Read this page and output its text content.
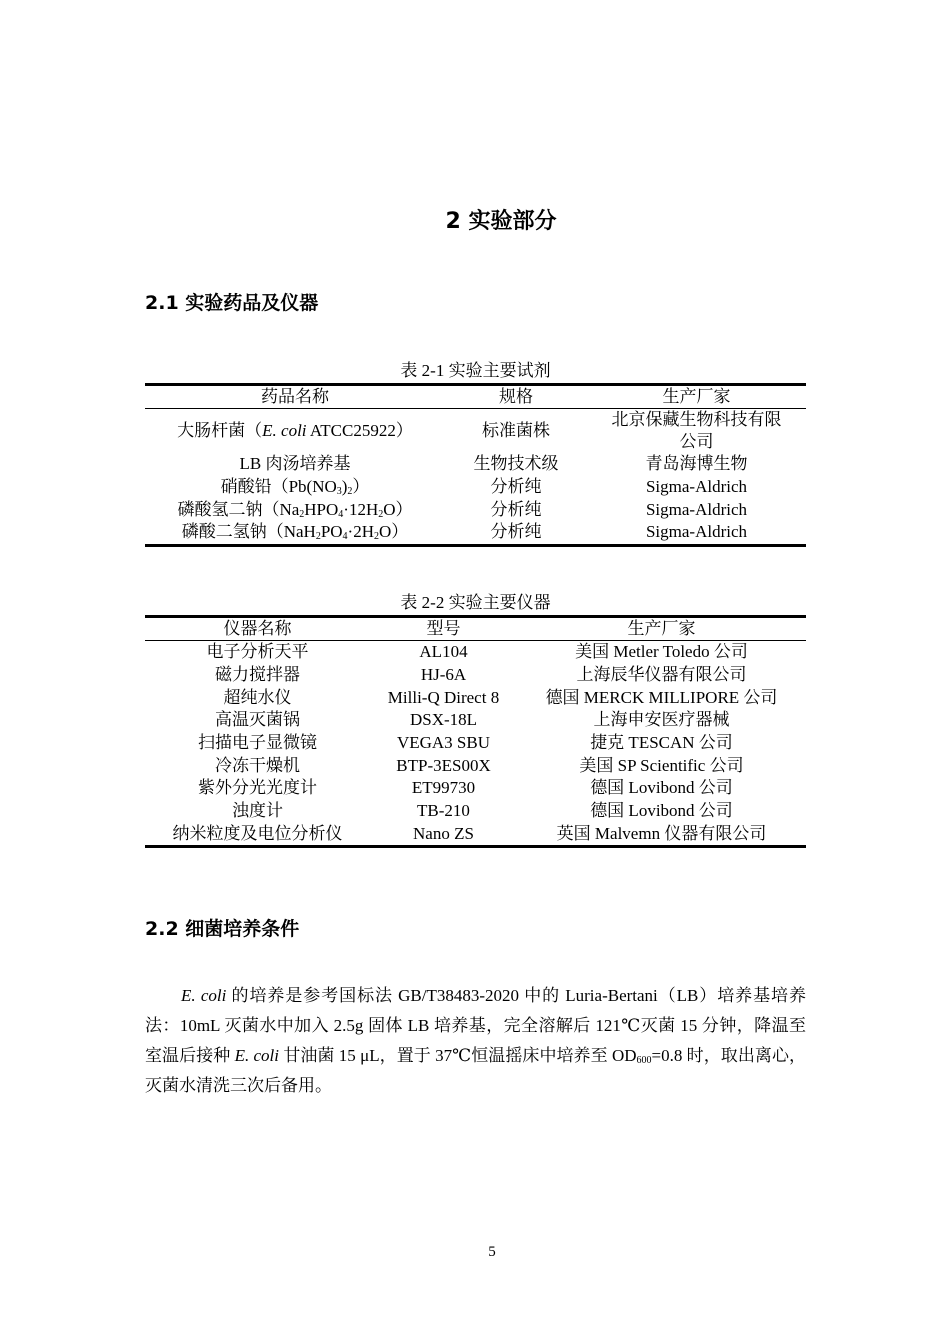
2 实验部分
2.1 实验药品及仪器
表 2-1 实验主要试剂
药品名称	规格	生产厂家
大肠杆菌（E. coli ATCC25922）	标准菌株	北京保藏生物科技有限
公司

LB 肉汤培养基	生物技术级	青岛海博生物
硝酸铅$(Pb(NO_3)_2)$	分析纯	Sigma-Aldrich
磷酸氢二钠$(Na_2HPO_4\cdot 12H_2O)$	分析纯	Sigma-Aldrich
磷酸二氢钠$(NaH_2PO_4\cdot 2H_2O)$	分析纯	Sigma-Aldrich
表 2-2 实验主要仪器
仪器名称	型号	生产厂家
电子分析天平	AL104	美国 Metler Toledo 公司
磁力搅拌器	HJ-6A	上海辰华仪器有限公司
超纯水仪	Milli-Q Direct 8	德国 MERCK MILLIPORE 公司
高温灭菌锅	DSX-18L	上海申安医疗器械
扫描电子显微镜	VEGA3 SBU	捷克 TESCAN 公司
冷冻干燥机	BTP-3ES00X	美国 SP Scientific 公司
紫外分光光度计	ET99730	德国 Lovibond 公司
浊度计	TB-210	德国 Lovibond 公司
纳米粒度及电位分析仪	Nano ZS	英国 Malvemn 仪器有限公司
2.2 细菌培养条件
E. coli 的培养是参考国标法 GB/T38483-2020 中的 Luria-Bertani（LB）培养基培养法：10mL 灭菌水中加入 2.5g 固体 LB 培养基，完全溶解后 121℃灭菌 15 分钟，降温至室温后接种 E. coli 甘油菌 15 μL，置于 37℃恒温摇床中培养至 $OD_{600}=0.8$ 时，取出离心，灭菌水清洗三次后备用。
5
